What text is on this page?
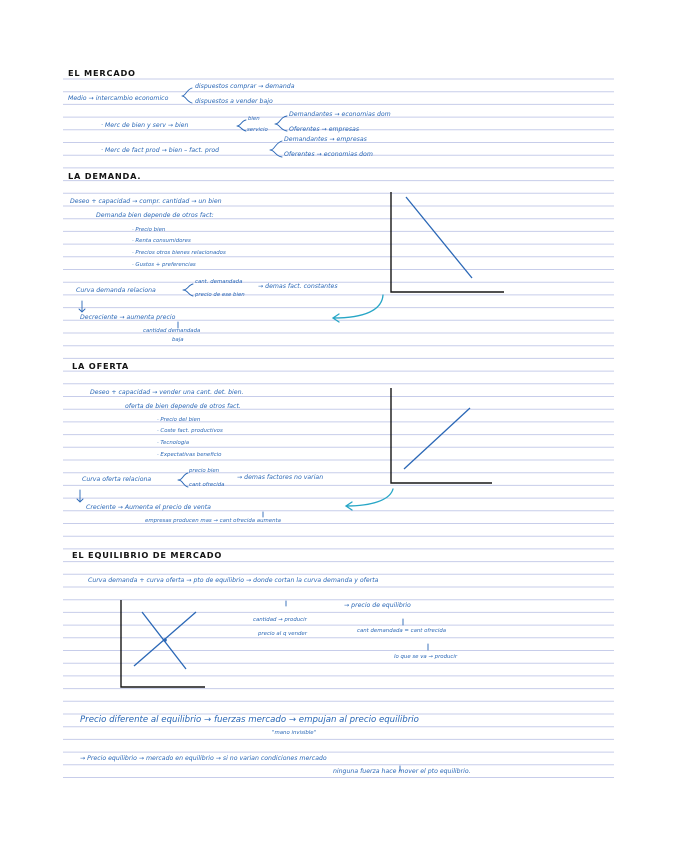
EL MERCADO
Medio → intercambio economico
dispuestos comprar → demanda
dispuestos a vender bajo
· Merc de bien y serv → bien
bien
servicio
Demandantes → economias dom
Oferentes → empresas
· Merc de fact prod → bien – fact. prod
Demandantes → empresas
Oferentes → economias dom
LA DEMANDA.
Deseo + capacidad → compr. cantidad → un bien
Demanda bien depende de otros fact:
· Precio bien
· Renta consumidores
· Precios otros bienes relacionados
· Gustos + preferencias
Curva demanda relaciona
cant. demandada
precio de ese bien
→ demas fact. constantes
Decreciente → aumenta precio
cantidad demandada
baja
LA OFERTA
Deseo + capacidad → vender una cant. det. bien.
oferta de bien depende de otros fact.
· Precio del bien
· Coste fact. productivos
· Tecnologia
· Expectativas beneficio
Curva oferta relaciona
precio bien
cant ofrecida
→ demas factores no varian
Creciente → Aumenta el precio de venta
empresas producen mas → cant ofrecida aumenta
EL EQUILIBRIO DE MERCADO
Curva demanda + curva oferta → pto de equilibrio → donde cortan la curva demanda y oferta
→ precio de equilibrio
cantidad → producir
precio al q vender	cant demandada = cant ofrecida
lo que se va → producir
Precio diferente al equilibrio → fuerzas mercado → empujan al precio equilibrio
"mano invisible"
→ Precio equilibrio → mercado en equilibrio → si no varian condiciones mercado
ninguna fuerza hace mover el pto equilibrio.
